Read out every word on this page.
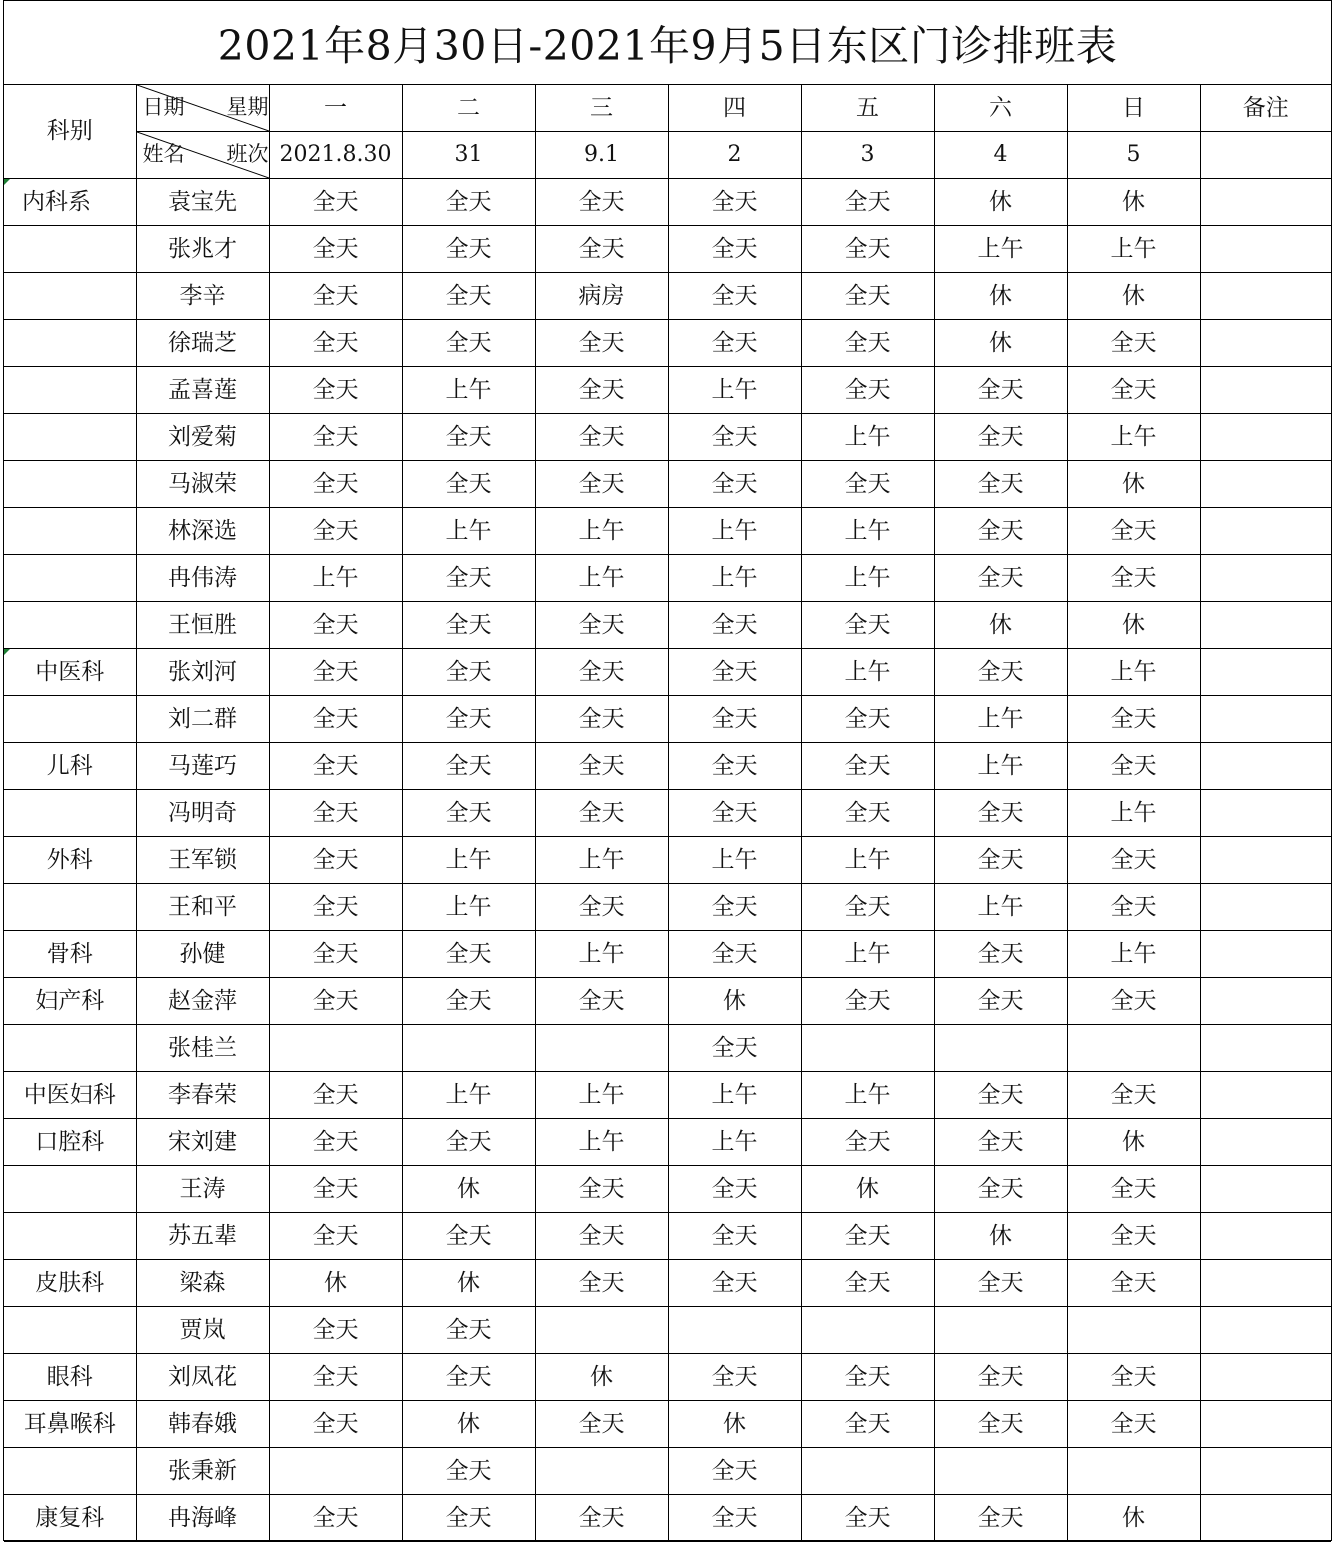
2021年8月30日-2021年9月5日东区门诊排班表
科别	日期 星期	一	二	三	四	五	六	日	备注

	姓名 班次	2021.8.30	31	9.1	2	3	4	5	
内科系	袁宝先	全天	全天	全天	全天	全天	休	休	
	张兆才	全天	全天	全天	全天	全天	上午	上午	
	李辛	全天	全天	病房	全天	全天	休	休	
	徐瑞芝	全天	全天	全天	全天	全天	休	全天	
	孟喜莲	全天	上午	全天	上午	全天	全天	全天	
	刘爱菊	全天	全天	全天	全天	上午	全天	上午	
	马淑荣	全天	全天	全天	全天	全天	全天	休	
	林深选	全天	上午	上午	上午	上午	全天	全天	
	冉伟涛	上午	全天	上午	上午	上午	全天	全天	
	王恒胜	全天	全天	全天	全天	全天	休	休	
中医科	张刘河	全天	全天	全天	全天	上午	全天	上午	
	刘二群	全天	全天	全天	全天	全天	上午	全天	
儿科	马莲巧	全天	全天	全天	全天	全天	上午	全天	
	冯明奇	全天	全天	全天	全天	全天	全天	上午	
外科	王军锁	全天	上午	上午	上午	上午	全天	全天	
	王和平	全天	上午	全天	全天	全天	上午	全天	
骨科	孙健	全天	全天	上午	全天	上午	全天	上午	
妇产科	赵金萍	全天	全天	全天	休	全天	全天	全天	
	张桂兰				全天				
中医妇科	李春荣	全天	上午	上午	上午	上午	全天	全天	
口腔科	宋刘建	全天	全天	上午	上午	全天	全天	休	
	王涛	全天	休	全天	全天	休	全天	全天	
	苏五辈	全天	全天	全天	全天	全天	休	全天	
皮肤科	梁森	休	休	全天	全天	全天	全天	全天	
	贾岚	全天	全天						
眼科	刘凤花	全天	全天	休	全天	全天	全天	全天	
耳鼻喉科	韩春娥	全天	休	全天	休	全天	全天	全天	
	张秉新		全天		全天				
康复科	冉海峰	全天	全天	全天	全天	全天	全天	休	
